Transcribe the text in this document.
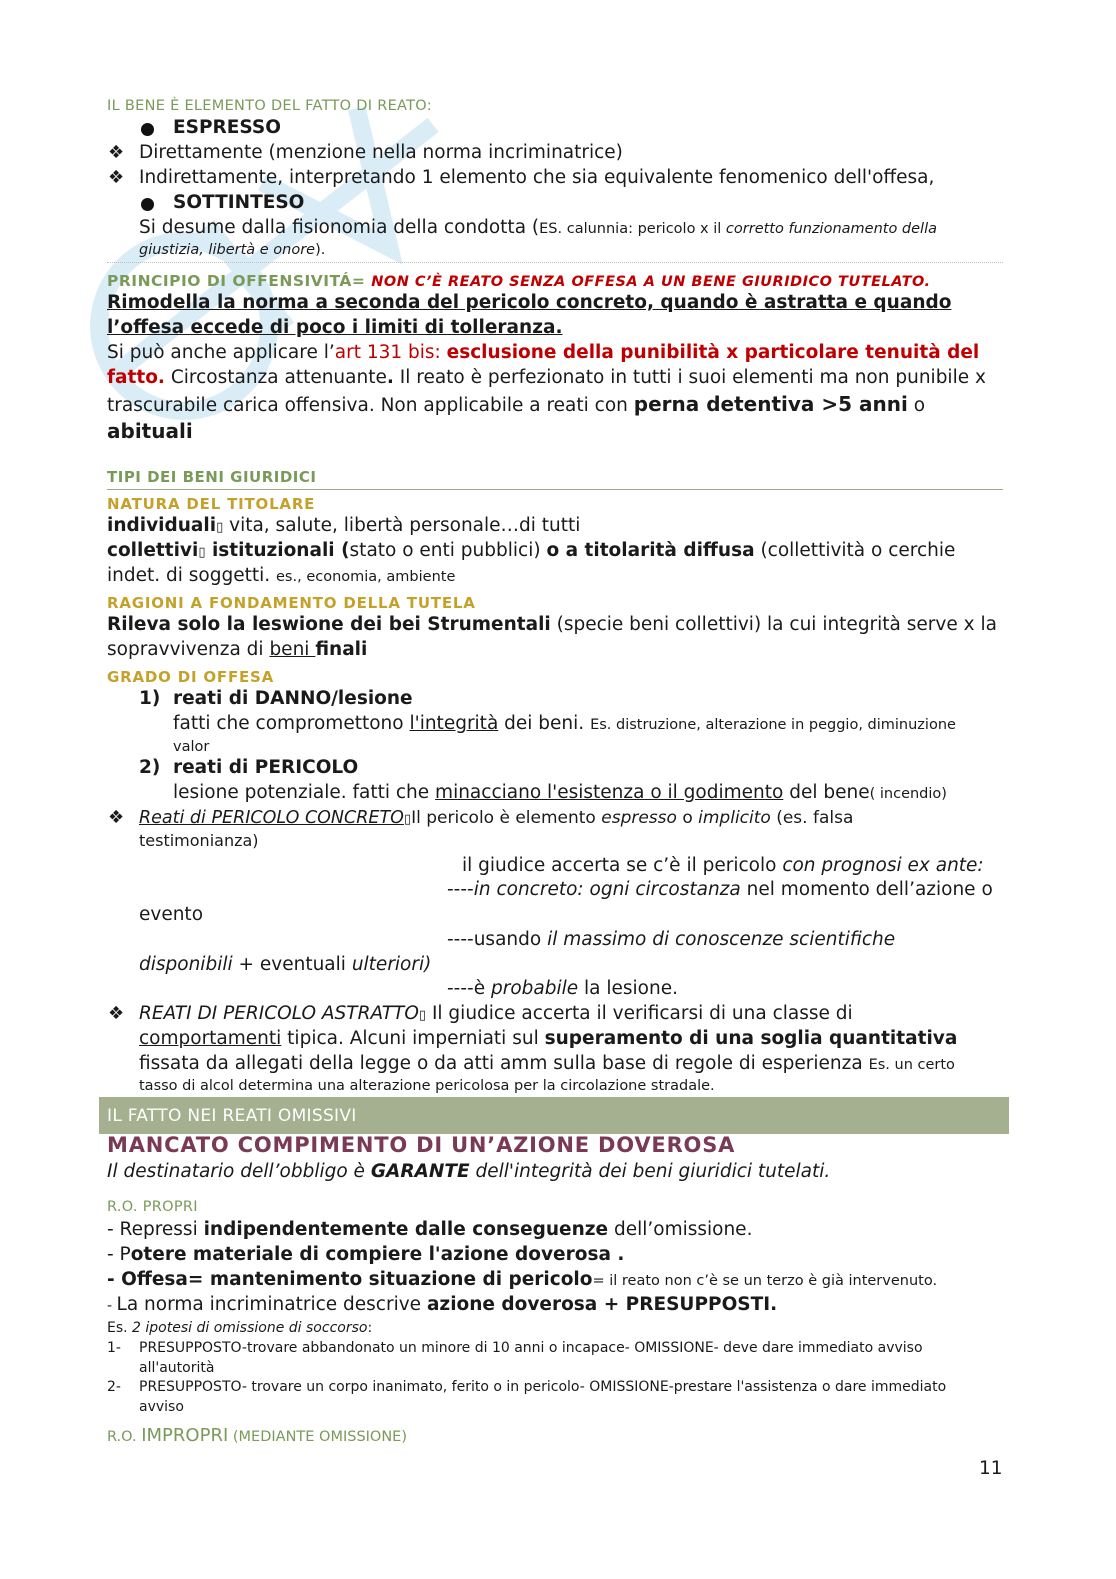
IL BENE È ELEMENTO DEL FATTO DI REATO:
ESPRESSO
❖ Direttamente (menzione nella norma incriminatrice)
❖ Indirettamente, interpretando 1 elemento che sia equivalente fenomenico dell'offesa,
SOTTINTESO
Si desume dalla fisionomia della condotta (ES. calunnia: pericolo x il corretto funzionamento della
giustizia, libertà e onore).
PRINCIPIO DI OFFENSIVITÁ= NON C’È REATO SENZA OFFESA A UN BENE GIURIDICO TUTELATO.
Rimodella la norma a seconda del pericolo concreto, quando è astratta e quando
l’offesa eccede di poco i limiti di tolleranza.
Si può anche applicare l’art 131 bis: esclusione della punibilità x particolare tenuità del
fatto. Circostanza attenuante. Il reato è perfezionato in tutti i suoi elementi ma non punibile x
trascurabile carica offensiva. Non applicabile a reati con perna detentiva >5 anni o
abituali
TIPI DEI BENI GIURIDICI
NATURA DEL TITOLARE
individuali▯ vita, salute, libertà personale…di tutti
collettivi▯ istituzionali (stato o enti pubblici) o a titolarità diffusa (collettività o cerchie
indet. di soggetti. es., economia, ambiente
RAGIONI A FONDAMENTO DELLA TUTELA
Rileva solo la leswione dei bei Strumentali (specie beni collettivi) la cui integrità serve x la
sopravvivenza di beni finali
GRADO DI OFFESA
1) reati di DANNO/lesione
fatti che compromettono l'integrità dei beni. Es. distruzione, alterazione in peggio, diminuzione
valor
2) reati di PERICOLO
lesione potenziale. fatti che minacciano l'esistenza o il godimento del bene( incendio)
❖ Reati di PERICOLO CONCRETO▯Il pericolo è elemento espresso o implicito (es. falsa
testimonianza)
il giudice accerta se c’è il pericolo con prognosi ex ante:
----in concreto: ogni circostanza nel momento dell’azione o
evento
----usando il massimo di conoscenze scientifiche
disponibili + eventuali ulteriori)
----è probabile la lesione.
❖ REATI DI PERICOLO ASTRATTO▯ Il giudice accerta il verificarsi di una classe di
comportamenti tipica. Alcuni imperniati sul superamento di una soglia quantitativa
fissata da allegati della legge o da atti amm sulla base di regole di esperienza Es. un certo
tasso di alcol determina una alterazione pericolosa per la circolazione stradale.
IL FATTO NEI REATI OMISSIVI
MANCATO COMPIMENTO DI UN’AZIONE DOVEROSA
Il destinatario dell’obbligo è GARANTE dell'integrità dei beni giuridici tutelati.
R.O. PROPRI
- Repressi indipendentemente dalle conseguenze dell’omissione.
- Potere materiale di compiere l'azione doverosa .
- Offesa= mantenimento situazione di pericolo= il reato non c’è se un terzo è già intervenuto.
- La norma incriminatrice descrive azione doverosa + PRESUPPOSTI.
Es. 2 ipotesi di omissione di soccorso:
1- PRESUPPOSTO-trovare abbandonato un minore di 10 anni o incapace- OMISSIONE- deve dare immediato avviso
all'autorità
2- PRESUPPOSTO- trovare un corpo inanimato, ferito o in pericolo- OMISSIONE-prestare l'assistenza o dare immediato
avviso
R.O. IMPROPRI (MEDIANTE OMISSIONE)
11
